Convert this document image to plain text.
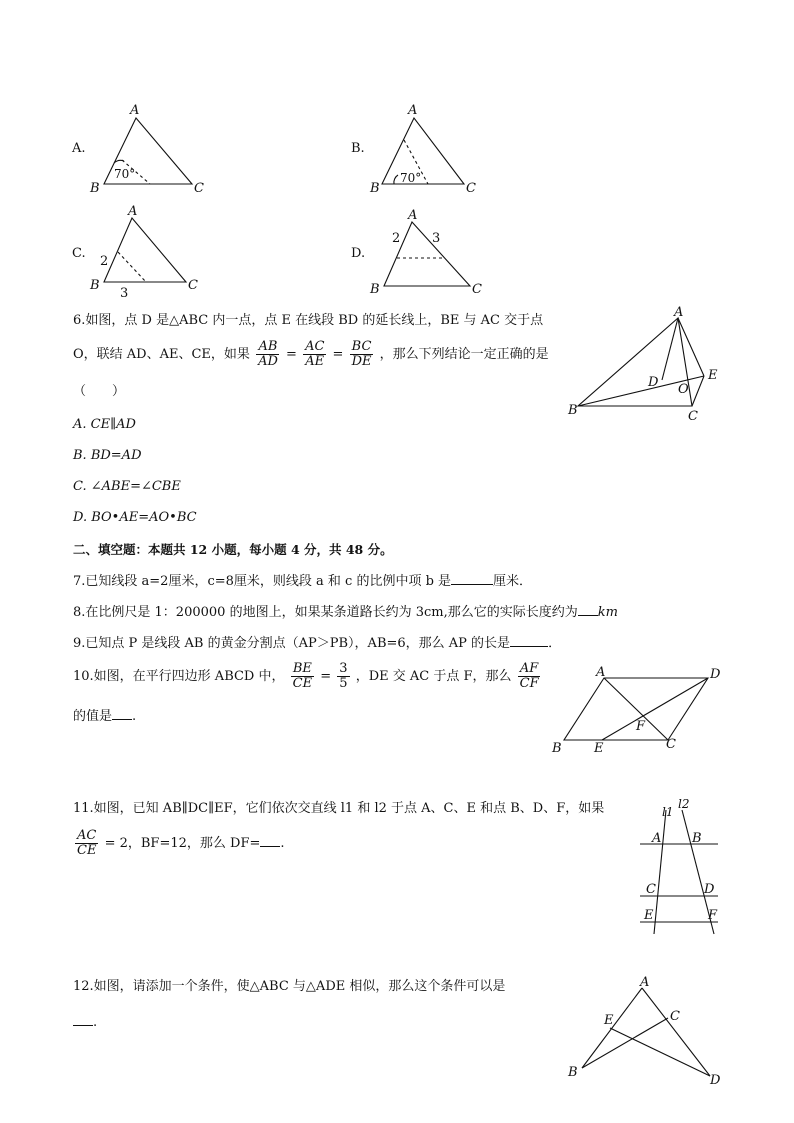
A.
A
B	C
70°
B.
A
B	C
70°
C.
A
B	C
2
3
D.
A
B	C
2 3
6.如图，点 D 是△ABC 内一点，点 E 在线段 BD 的延长线上，BE 与 AC 交于点
O，联结 AD、AE、CE，如果 $\frac{AB}{AD} = \frac{AC}{AE} = \frac{BC}{DE}$ ，那么下列结论一定正确的是
（　　）
A. CE∥AD
B. BD=AD
C. ∠ABE=∠CBE
D. BO•AE=AO•BC
A
B	C
D	E
O
二、填空题：本题共 12 小题，每小题 4 分，共 48 分。
7.已知线段 a=2厘米，c=8厘米，则线段 a 和 c 的比例中项 b 是	厘米．
8.在比例尺是 1：200000 的地图上，如果某条道路长约为 3cm,那么它的实际长度约为 km
9.已知点 P 是线段 AB 的黄金分割点（AP＞PB），AB=6，那么 AP 的长是	．
10.如图，在平行四边形 ABCD 中， $\frac{BE}{CE} = \frac{3}{5}$ ，DE 交 AC 于点 F，那么 $\frac{AF}{CF}$
的值是 .
A	D
B E	C
F
11.如图，已知 AB∥DC∥EF，它们依次交直线 l1 和 l2 于点 A、C、E 和点 B、D、F，如果
$\frac{AC}{CE} = 2$，BF=12，那么 DF= .
l1
l2
A B
C	D
E	F
12.如图，请添加一个条件，使△ABC 与△ADE 相似，那么这个条件可以是
.
A
B
C
D
E
